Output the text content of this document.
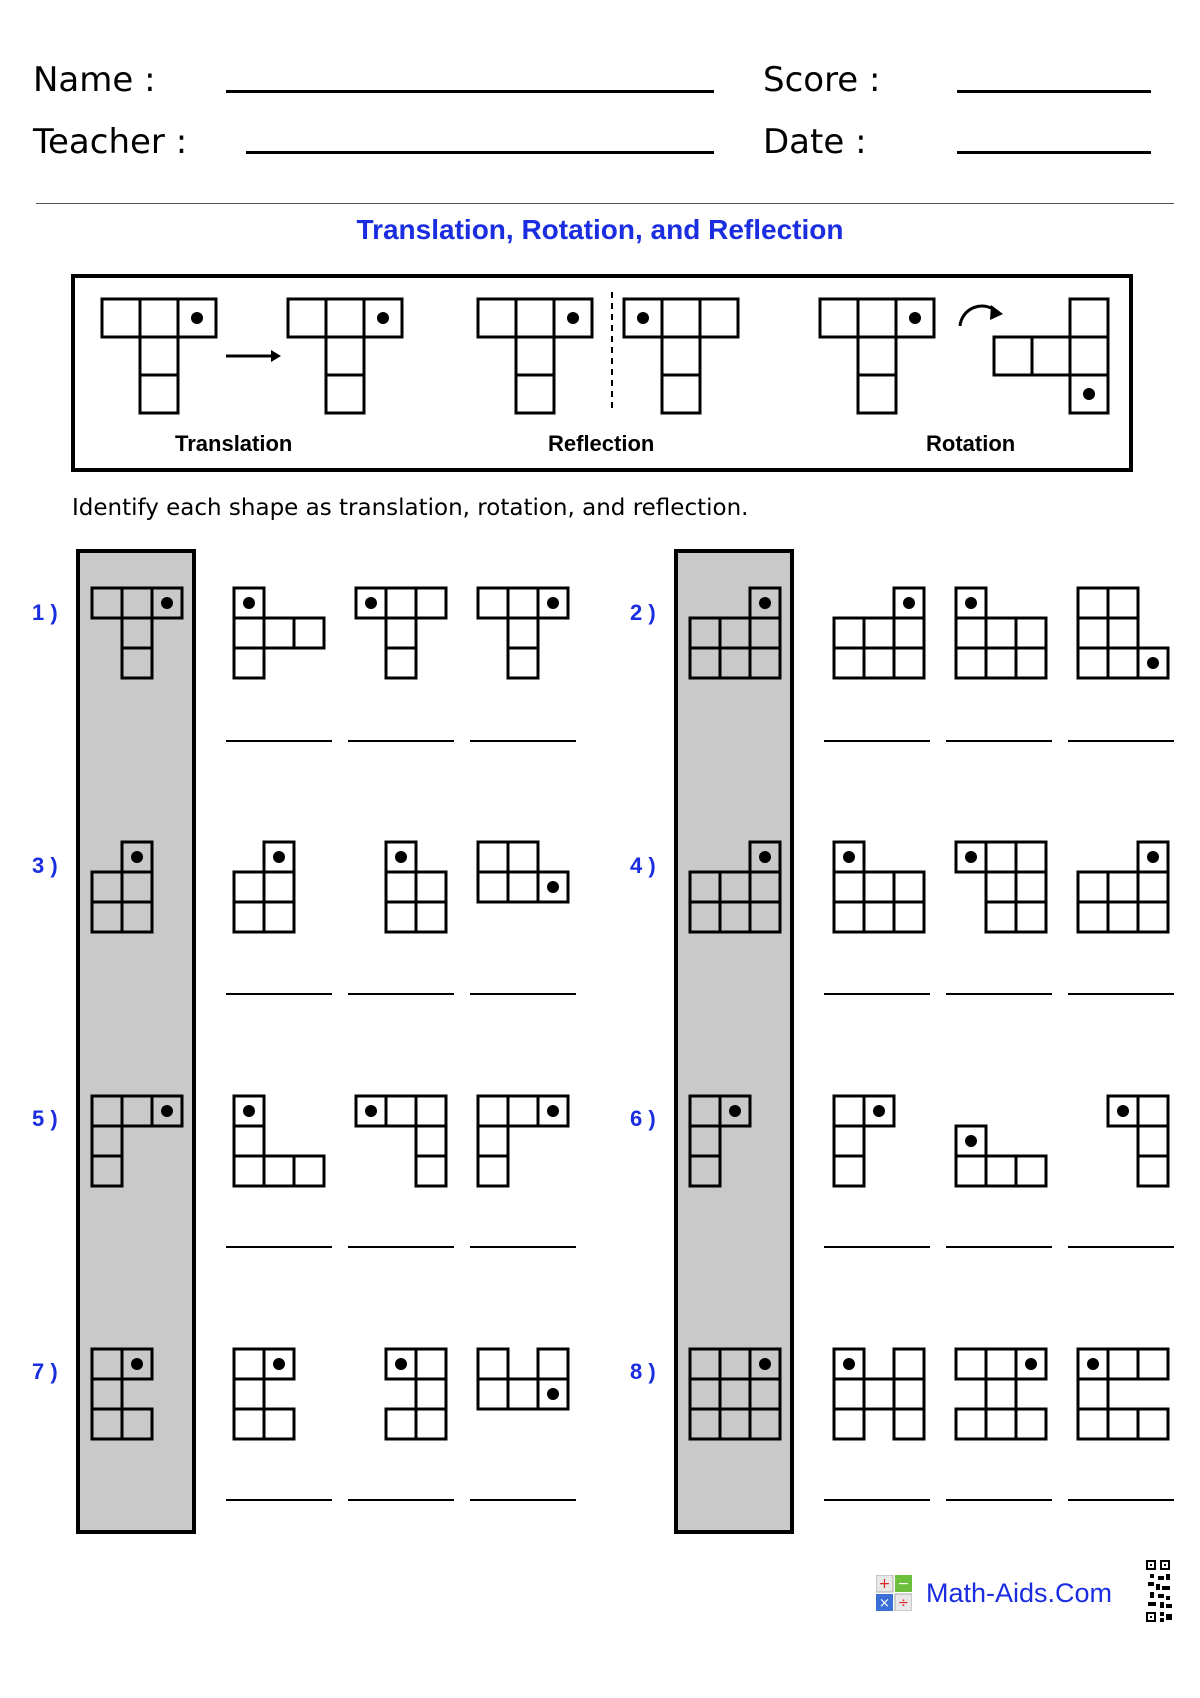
Name :
Teacher :
Score :
Date :
Translation, Rotation, and Reflection
Translation	Reflection	Rotation
Identify each shape as translation, rotation, and reflection.
1 )	2 )
3 )	4 )
5 )	6 )
7 )	8 )
+ −
× ÷ Math-Aids.Com
